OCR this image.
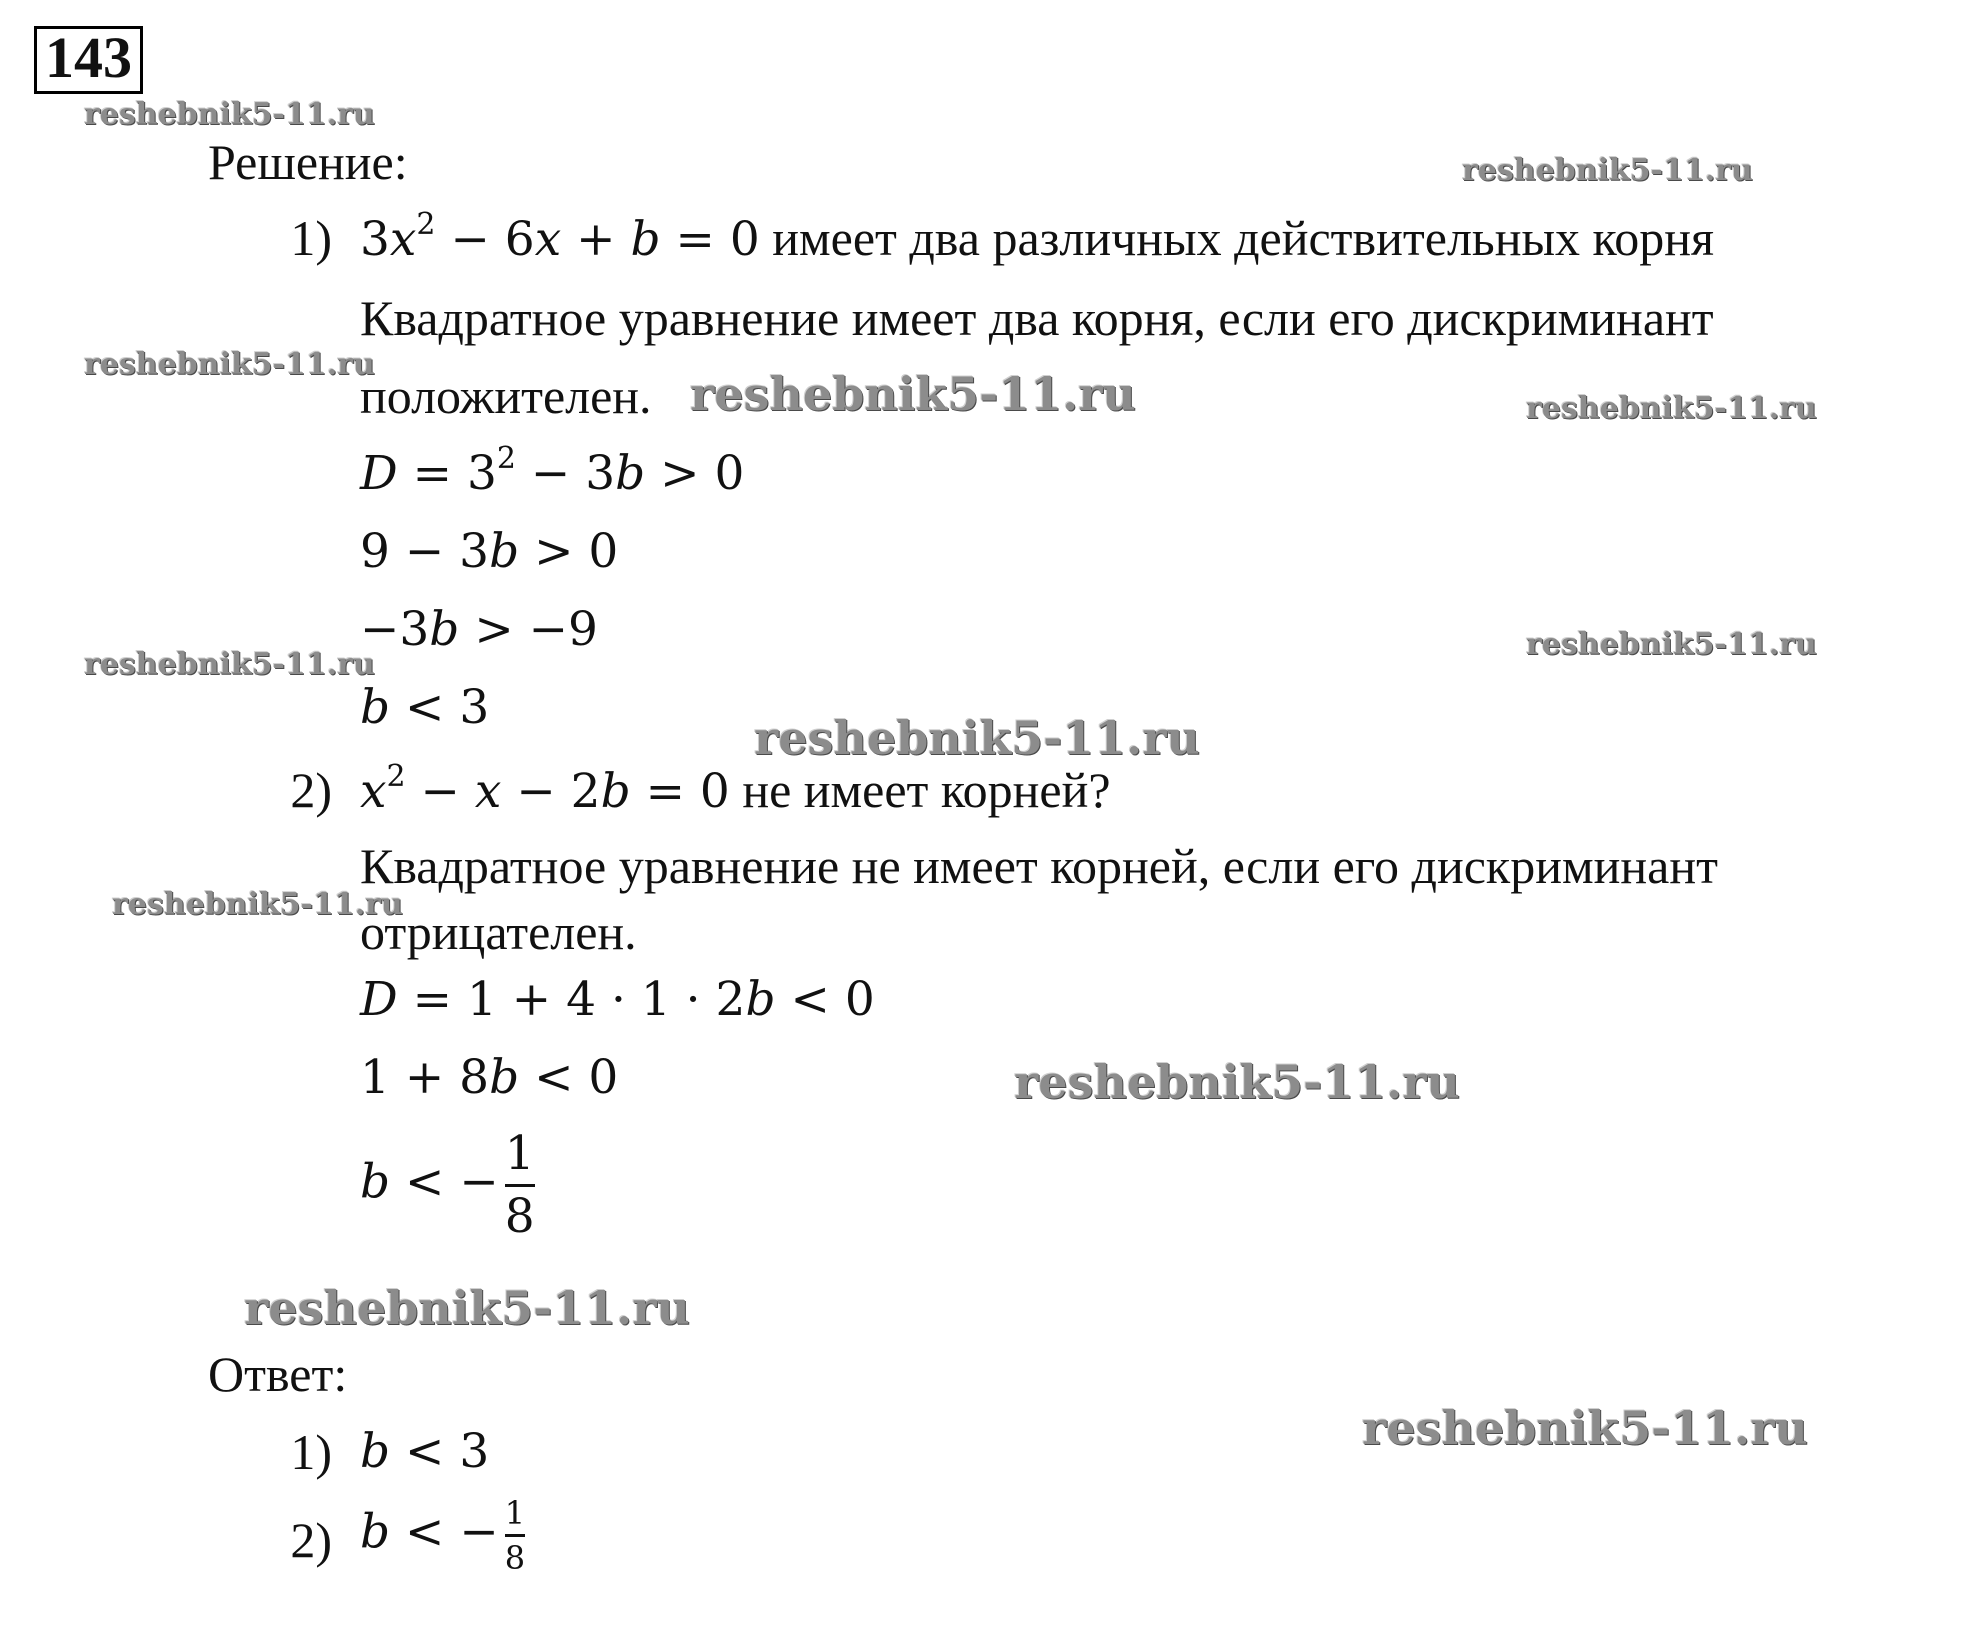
143
Решение:
1) $3x^2 - 6x + b = 0$ имеет два различных действительных корня
Квадратное уравнение имеет два корня, если его дискриминант
положителен.
$D = 3^2 - 3b > 0$
9 − 3b > 0
−3b > −9
b < 3
2) $x^2 - x - 2b = 0$ не имеет корней?
Квадратное уравнение не имеет корней, если его дискриминант
отрицателен.
D = 1 + 4 · 1 · 2b < 0
1 + 8b < 0
b < − $\frac{1}{8}$
Ответ:
1) b < 3
2) b < − $\frac{1}{8}$
reshebnik5-11.ru
reshebnik5-11.ru
reshebnik5-11.ru
reshebnik5-11.ru	reshebnik5-11.ru
reshebnik5-11.ru
reshebnik5-11.ru
reshebnik5-11.ru
reshebnik5-11.ru
reshebnik5-11.ru
reshebnik5-11.ru
reshebnik5-11.ru
